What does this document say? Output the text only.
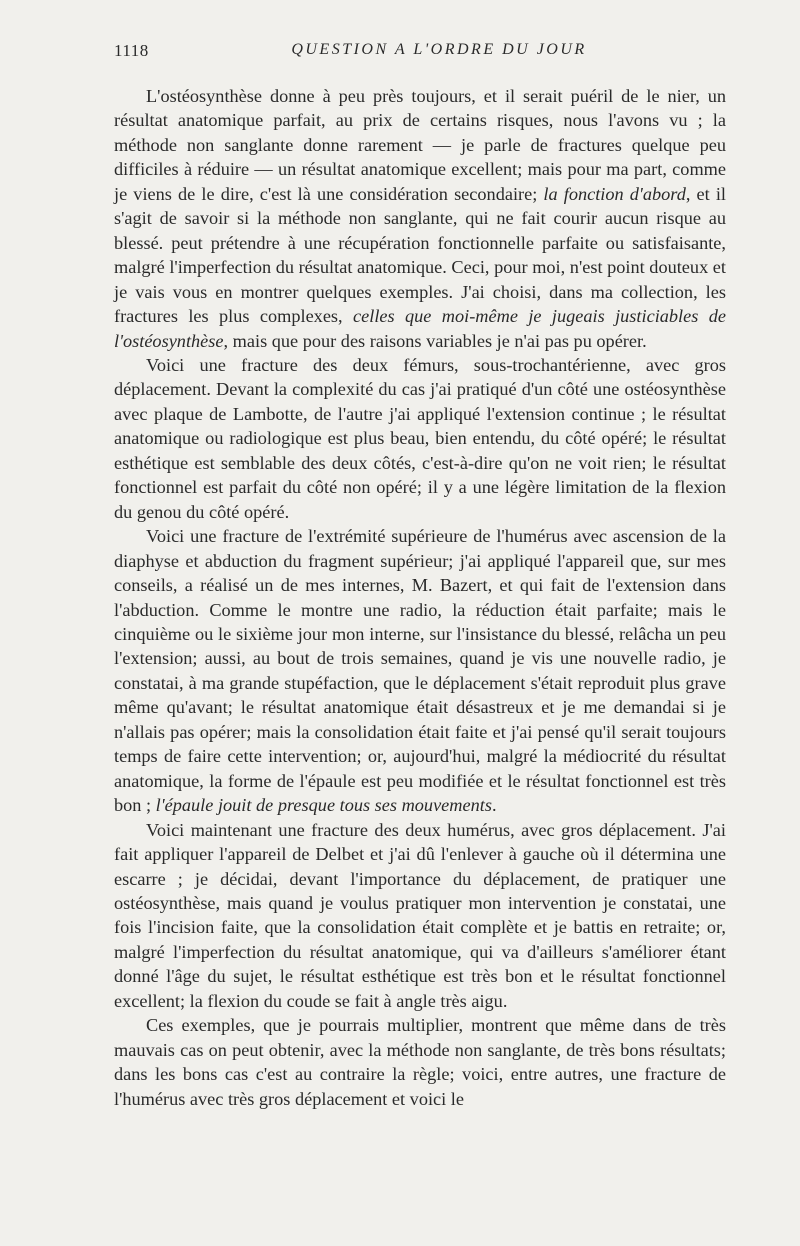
1118	QUESTION A L'ORDRE DU JOUR

L'ostéosynthèse donne à peu près toujours, et il serait puéril de le nier, un résultat anatomique parfait, au prix de certains risques, nous l'avons vu ; la méthode non sanglante donne rarement — je parle de fractures quelque peu difficiles à réduire — un résultat anatomique excellent; mais pour ma part, comme je viens de le dire, c'est là une considération secondaire; la fonction d'abord, et il s'agit de savoir si la méthode non sanglante, qui ne fait courir aucun risque au blessé. peut prétendre à une récupération fonctionnelle parfaite ou satisfaisante, malgré l'imperfection du résultat anatomique. Ceci, pour moi, n'est point douteux et je vais vous en montrer quelques exemples. J'ai choisi, dans ma collection, les fractures les plus complexes, celles que moi-même je jugeais justiciables de l'ostéosynthèse, mais que pour des raisons variables je n'ai pas pu opérer.

Voici une fracture des deux fémurs, sous-trochantérienne, avec gros déplacement. Devant la complexité du cas j'ai pratiqué d'un côté une ostéosynthèse avec plaque de Lambotte, de l'autre j'ai appliqué l'extension continue ; le résultat anatomique ou radiologique est plus beau, bien entendu, du côté opéré; le résultat esthétique est semblable des deux côtés, c'est-à-dire qu'on ne voit rien; le résultat fonctionnel est parfait du côté non opéré; il y a une légère limitation de la flexion du genou du côté opéré.

Voici une fracture de l'extrémité supérieure de l'humérus avec ascension de la diaphyse et abduction du fragment supérieur; j'ai appliqué l'appareil que, sur mes conseils, a réalisé un de mes internes, M. Bazert, et qui fait de l'extension dans l'abduction. Comme le montre une radio, la réduction était parfaite; mais le cinquième ou le sixième jour mon interne, sur l'insistance du blessé, relâcha un peu l'extension; aussi, au bout de trois semaines, quand je vis une nouvelle radio, je constatai, à ma grande stupéfaction, que le déplacement s'était reproduit plus grave même qu'avant; le résultat anatomique était désastreux et je me demandai si je n'allais pas opérer; mais la consolidation était faite et j'ai pensé qu'il serait toujours temps de faire cette intervention; or, aujourd'hui, malgré la médiocrité du résultat anatomique, la forme de l'épaule est peu modifiée et le résultat fonctionnel est très bon ; l'épaule jouit de presque tous ses mouvements.

Voici maintenant une fracture des deux humérus, avec gros déplacement. J'ai fait appliquer l'appareil de Delbet et j'ai dû l'enlever à gauche où il détermina une escarre ; je décidai, devant l'importance du déplacement, de pratiquer une ostéosynthèse, mais quand je voulus pratiquer mon intervention je constatai, une fois l'incision faite, que la consolidation était complète et je battis en retraite; or, malgré l'imperfection du résultat anatomique, qui va d'ailleurs s'améliorer étant donné l'âge du sujet, le résultat esthétique est très bon et le résultat fonctionnel excellent; la flexion du coude se fait à angle très aigu.

Ces exemples, que je pourrais multiplier, montrent que même dans de très mauvais cas on peut obtenir, avec la méthode non sanglante, de très bons résultats; dans les bons cas c'est au contraire la règle; voici, entre autres, une fracture de l'humérus avec très gros déplacement et voici le
